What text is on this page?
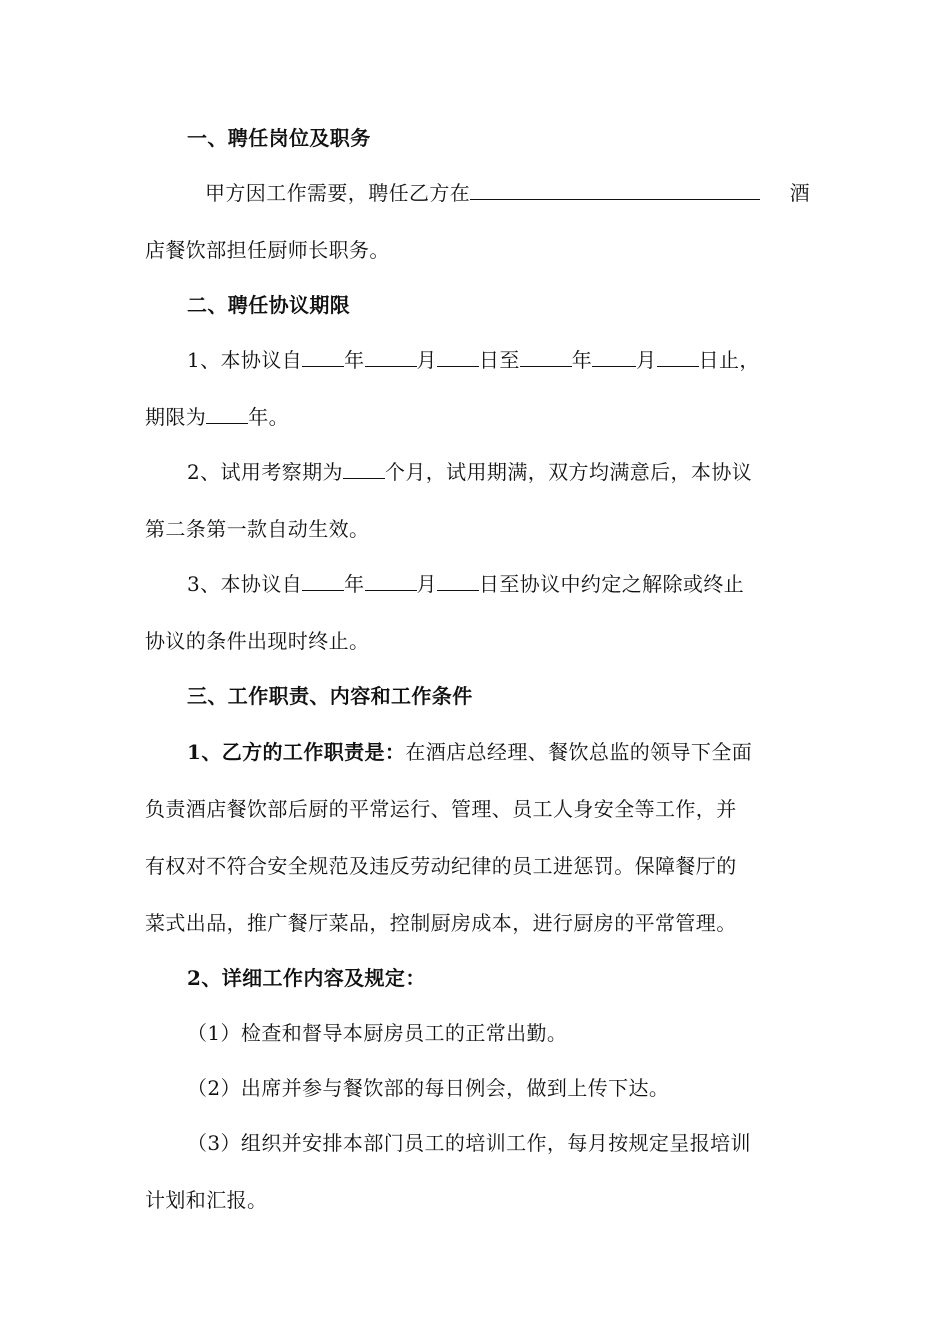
一、聘任岗位及职务
甲方因工作需要，聘任乙方在	酒
店餐饮部担任厨师长职务。
二、聘任协议期限
1、本协议自 年	月 日至	年 月 日止，
期限为 年。
2、试用考察期为 个月，试用期满，双方均满意后，本协议
第二条第一款自动生效。
3、本协议自 年	月 日至协议中约定之解除或终止
协议的条件出现时终止。
三、工作职责、内容和工作条件
1、乙方的工作职责是：在酒店总经理、餐饮总监的领导下全面
负责酒店餐饮部后厨的平常运行、管理、员工人身安全等工作，并
有权对不符合安全规范及违反劳动纪律的员工进惩罚。保障餐厅的
菜式出品，推广餐厅菜品，控制厨房成本，进行厨房的平常管理。
2、详细工作内容及规定：
（1）检查和督导本厨房员工的正常出勤。
（2）出席并参与餐饮部的每日例会，做到上传下达。
（3）组织并安排本部门员工的培训工作，每月按规定呈报培训
计划和汇报。
